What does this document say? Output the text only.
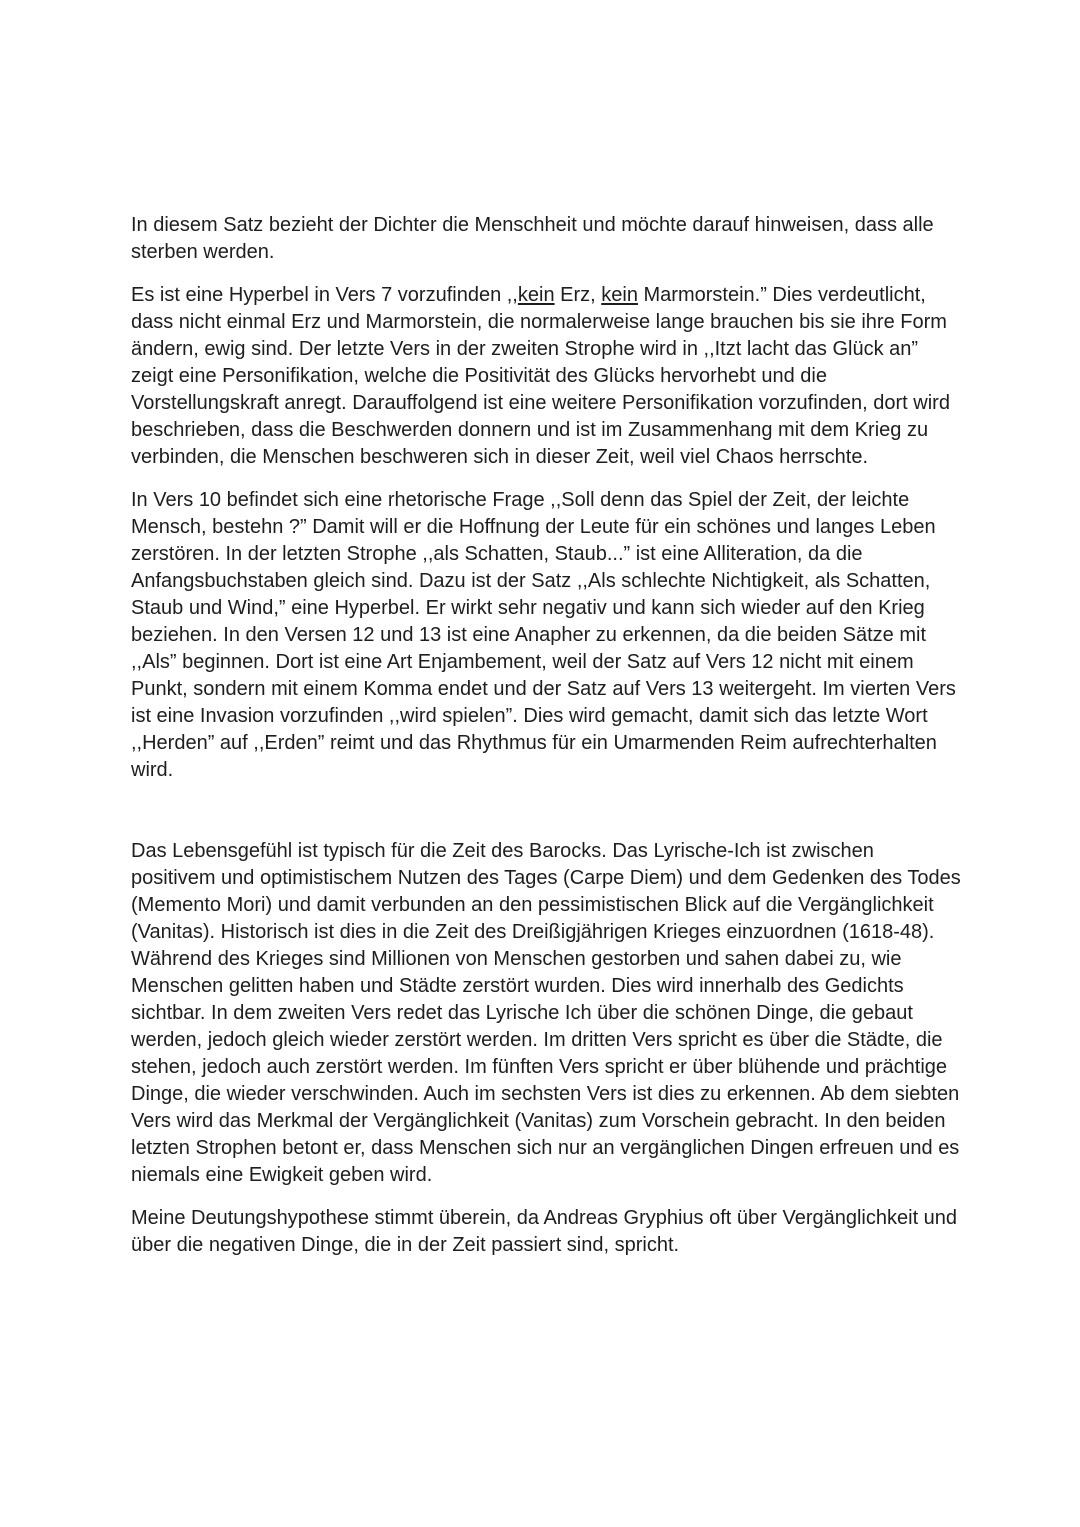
In diesem Satz bezieht der Dichter die Menschheit und möchte darauf hinweisen, dass alle sterben werden.

Es ist eine Hyperbel in Vers 7 vorzufinden ,,kein Erz, kein Marmorstein.” Dies verdeutlicht, dass nicht einmal Erz und Marmorstein, die normalerweise lange brauchen bis sie ihre Form ändern, ewig sind. Der letzte Vers in der zweiten Strophe wird in ,,Itzt lacht das Glück an” zeigt eine Personifikation, welche die Positivität des Glücks hervorhebt und die Vorstellungskraft anregt. Darauffolgend ist eine weitere Personifikation vorzufinden, dort wird beschrieben, dass die Beschwerden donnern und ist im Zusammenhang mit dem Krieg zu verbinden, die Menschen beschweren sich in dieser Zeit, weil viel Chaos herrschte.

In Vers 10 befindet sich eine rhetorische Frage ,,Soll denn das Spiel der Zeit, der leichte Mensch, bestehn ?” Damit will er die Hoffnung der Leute für ein schönes und langes Leben zerstören. In der letzten Strophe ,,als Schatten, Staub...” ist eine Alliteration, da die Anfangsbuchstaben gleich sind. Dazu ist der Satz ,,Als schlechte Nichtigkeit, als Schatten, Staub und Wind,” eine Hyperbel. Er wirkt sehr negativ und kann sich wieder auf den Krieg beziehen. In den Versen 12 und 13 ist eine Anapher zu erkennen, da die beiden Sätze mit ,,Als” beginnen. Dort ist eine Art Enjambement, weil der Satz auf Vers 12 nicht mit einem Punkt, sondern mit einem Komma endet und der Satz auf Vers 13 weitergeht. Im vierten Vers ist eine Invasion vorzufinden ,,wird spielen”. Dies wird gemacht, damit sich das letzte Wort ,,Herden” auf ,,Erden” reimt und das Rhythmus für ein Umarmenden Reim aufrechterhalten wird.

Das Lebensgefühl ist typisch für die Zeit des Barocks. Das Lyrische-Ich ist zwischen positivem und optimistischem Nutzen des Tages (Carpe Diem) und dem Gedenken des Todes (Memento Mori) und damit verbunden an den pessimistischen Blick auf die Vergänglichkeit (Vanitas). Historisch ist dies in die Zeit des Dreißigjährigen Krieges einzuordnen (1618-48). Während des Krieges sind Millionen von Menschen gestorben und sahen dabei zu, wie Menschen gelitten haben und Städte zerstört wurden. Dies wird innerhalb des Gedichts sichtbar. In dem zweiten Vers redet das Lyrische Ich über die schönen Dinge, die gebaut werden, jedoch gleich wieder zerstört werden. Im dritten Vers spricht es über die Städte, die stehen, jedoch auch zerstört werden. Im fünften Vers spricht er über blühende und prächtige Dinge, die wieder verschwinden. Auch im sechsten Vers ist dies zu erkennen. Ab dem siebten Vers wird das Merkmal der Vergänglichkeit (Vanitas) zum Vorschein gebracht. In den beiden letzten Strophen betont er, dass Menschen sich nur an vergänglichen Dingen erfreuen und es niemals eine Ewigkeit geben wird.

Meine Deutungshypothese stimmt überein, da Andreas Gryphius oft über Vergänglichkeit und über die negativen Dinge, die in der Zeit passiert sind, spricht.
